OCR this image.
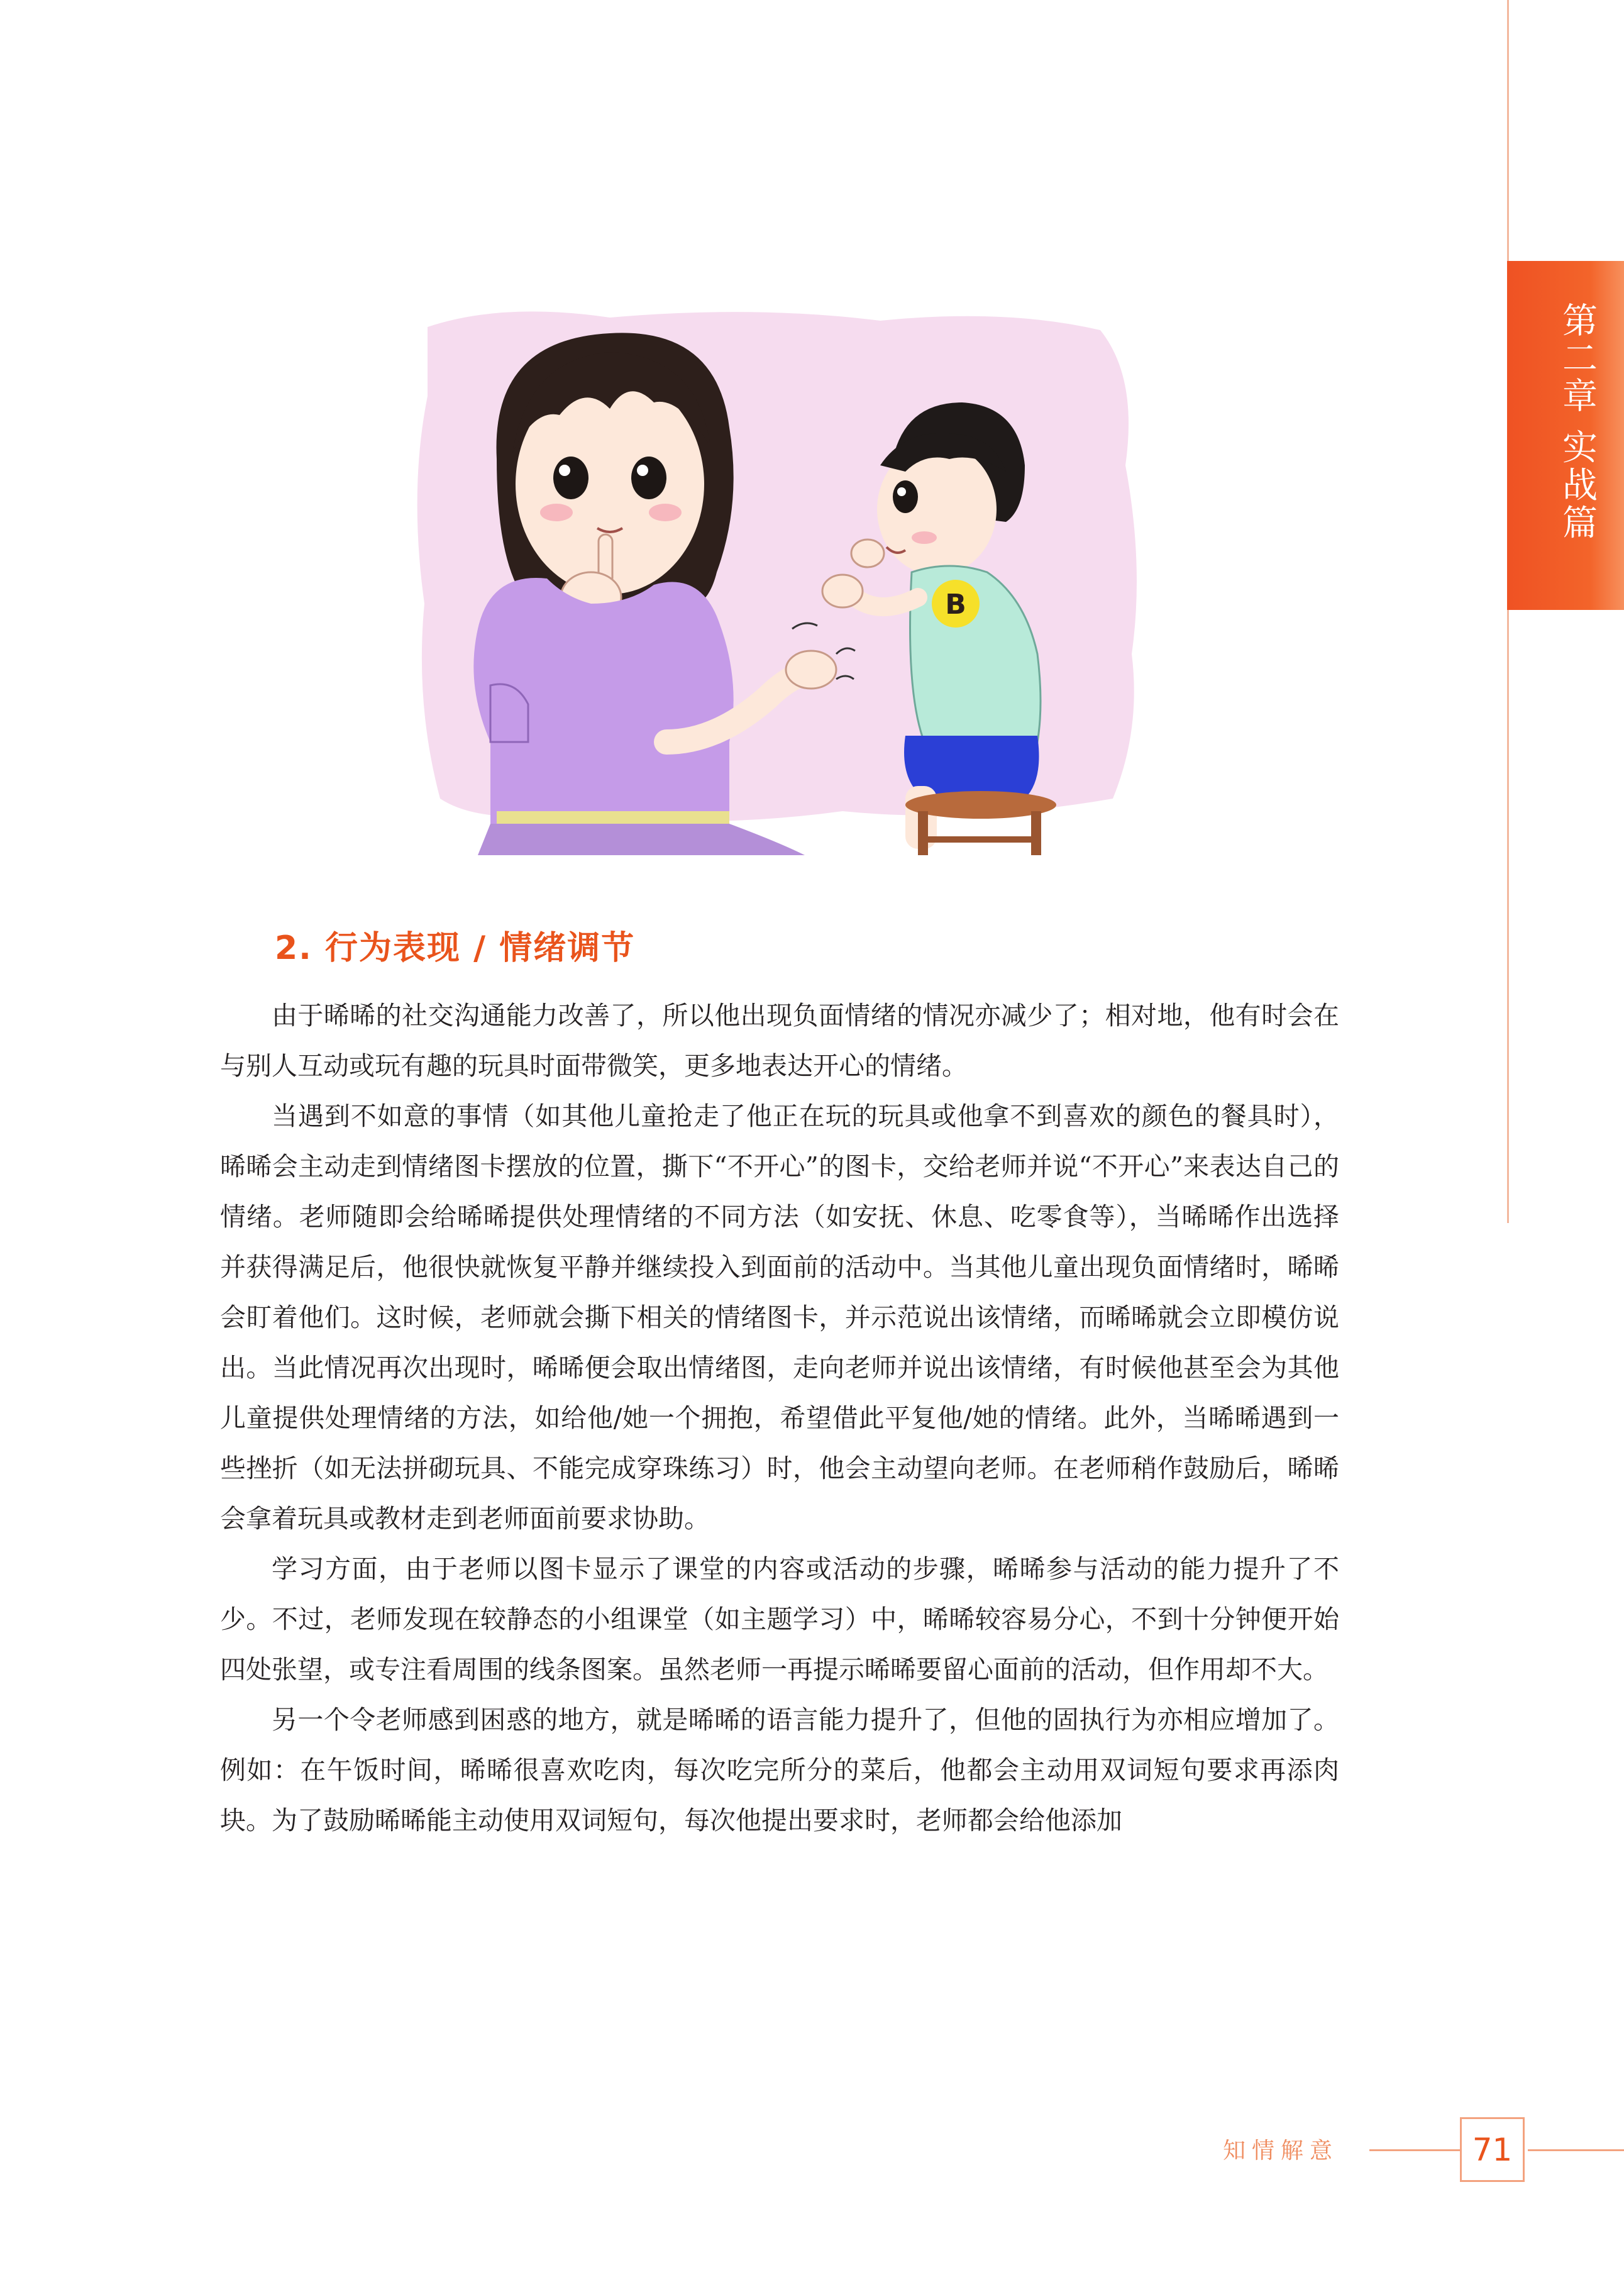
第二章 实战篇
B
2. 行为表现 / 情绪调节

由于晞晞的社交沟通能力改善了，所以他出现负面情绪的情况亦减少了；相对地，他有时会在与别人互动或玩有趣的玩具时面带微笑，更多地表达开心的情绪。

当遇到不如意的事情（如其他儿童抢走了他正在玩的玩具或他拿不到喜欢的颜色的餐具时），晞晞会主动走到情绪图卡摆放的位置，撕下“不开心”的图卡，交给老师并说“不开心”来表达自己的情绪。老师随即会给晞晞提供处理情绪的不同方法（如安抚、休息、吃零食等），当晞晞作出选择并获得满足后，他很快就恢复平静并继续投入到面前的活动中。当其他儿童出现负面情绪时，晞晞会盯着他们。这时候，老师就会撕下相关的情绪图卡，并示范说出该情绪，而晞晞就会立即模仿说出。当此情况再次出现时，晞晞便会取出情绪图，走向老师并说出该情绪，有时候他甚至会为其他儿童提供处理情绪的方法，如给他/她一个拥抱，希望借此平复他/她的情绪。此外，当晞晞遇到一些挫折（如无法拼砌玩具、不能完成穿珠练习）时，他会主动望向老师。在老师稍作鼓励后，晞晞会拿着玩具或教材走到老师面前要求协助。

学习方面，由于老师以图卡显示了课堂的内容或活动的步骤，晞晞参与活动的能力提升了不少。不过，老师发现在较静态的小组课堂（如主题学习）中，晞晞较容易分心，不到十分钟便开始四处张望，或专注看周围的线条图案。虽然老师一再提示晞晞要留心面前的活动，但作用却不大。

另一个令老师感到困惑的地方，就是晞晞的语言能力提升了，但他的固执行为亦相应增加了。例如：在午饭时间，晞晞很喜欢吃肉，每次吃完所分的菜后，他都会主动用双词短句要求再添肉块。为了鼓励晞晞能主动使用双词短句，每次他提出要求时，老师都会给他添加

知情解意	71
